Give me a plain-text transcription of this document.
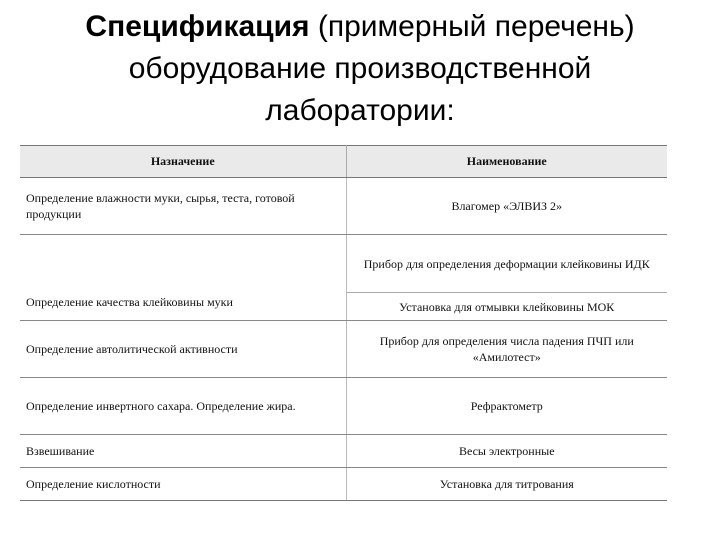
Спецификация (примерный перечень)
оборудование производственной
лаборатории:
Назначение	Наименование
Определение влажности муки, сырья, теста, готовой продукции	Влагомер «ЭЛВИЗ 2»
Определение качества клейковины муки	Прибор для определения деформации клейковины ИДК
	Установка для отмывки клейковины МОК
Определение автолитической активности	Прибор для определения числа падения ПЧП или «Амилотест»
Определение инвертного сахара. Определение жира.	Рефрактометр
Взвешивание	Весы электронные
Определение кислотности	Установка для титрования
